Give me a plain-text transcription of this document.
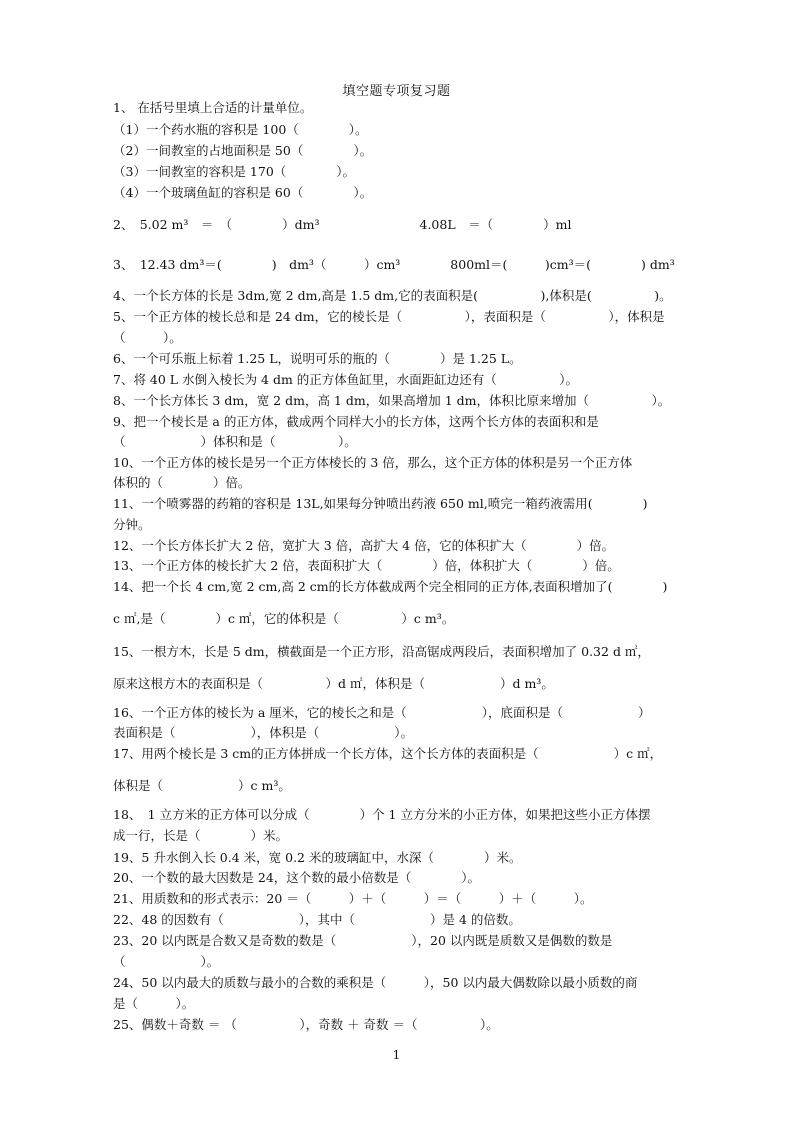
填空题专项复习题
1、 在括号里填上合适的计量单位。
（1）一个药水瓶的容积是 100（　　　　）。
（2）一间教室的占地面积是 50（　　　　）。
（3）一间教室的容积是 170（　　　　）。
（4）一个玻璃鱼缸的容积是 60（　　　　）。
2、　5.02 m³　＝　（　　　　）dm³　　　　　　　　4.08L　＝（　　　　）ml
3、　12.43 dm³＝(　　　　)　dm³（　　　）cm³　　　　800ml＝(　　　)cm³＝(　　　　) dm³
4、一个长方体的长是 3dm,宽 2 dm,高是 1.5 dm,它的表面积是(　　　　　),体积是(　　　　　)。
5、一个正方体的棱长总和是 24 dm，它的棱长是（　　　　　），表面积是（　　　　　），体积是
（　　　）。
6、一个可乐瓶上标着 1.25 L，说明可乐的瓶的（　　　　）是 1.25 L。
7、将 40 L 水倒入棱长为 4 dm 的正方体鱼缸里，水面距缸边还有（　　　　　）。
8、一个长方体长 3 dm，宽 2 dm，高 1 dm，如果高增加 1 dm，体积比原来增加（　　　　　）。
9、把一个棱长是 a 的正方体，截成两个同样大小的长方体，这两个长方体的表面积和是
（　　　　　　）体积和是（　　　　　）。
10、一个正方体的棱长是另一个正方体棱长的 3 倍，那么，这个正方体的体积是另一个正方体
体积的（　　　　）倍。
11、一个喷雾器的药箱的容积是 13L,如果每分钟喷出药液 650 ml,喷完一箱药液需用(　　　　)
分钟。
12、一个长方体长扩大 2 倍，宽扩大 3 倍，高扩大 4 倍，它的体积扩大（　　　　）倍。
13、一个正方体的棱长扩大 2 倍，表面积扩大（　　　　）倍，体积扩大（　　　　）倍。
14、把一个长 4 cm,宽 2 cm,高 2 cm的长方体截成两个完全相同的正方体,表面积增加了(　　　　)
c ㎡,是（　　　　）c ㎡，它的体积是（　　　　　）c m³。
15、一根方木，长是 5 dm，横截面是一个正方形，沿高锯成两段后，表面积增加了 0.32 d ㎡，
原来这根方木的表面积是（　　　　　）d ㎡，体积是（　　　　　　）d m³。
16、一个正方体的棱长为 a 厘米，它的棱长之和是（　　　　　　），底面积是（　　　　　　）
表面积是（　　　　　　），体积是（　　　　　　）。
17、用两个棱长是 3 cm的正方体拼成一个长方体，这个长方体的表面积是（　　　　　　）c ㎡，
体积是（　　　　　　）c m³。
18、　1 立方米的正方体可以分成（　　　　）个 1 立方分米的小正方体，如果把这些小正方体摆
成一行，长是（　　　　）米。
19、5 升水倒入长 0.4 米，宽 0.2 米的玻璃缸中，水深（　　　　）米。
20、一个数的最大因数是 24，这个数的最小倍数是（　　　　）。
21、用质数和的形式表示：20 ＝（　　　）＋（　　　）＝（　　　）＋（　　　）。
22、48 的因数有（　　　　　　），其中（　　　　　　）是 4 的倍数。
23、20 以内既是合数又是奇数的数是（　　　　　　），20 以内既是质数又是偶数的数是
（　　　　　　）。
24、50 以内最大的质数与最小的合数的乘积是（　　　），50 以内最大偶数除以最小质数的商
是（　　　）。
25、偶数＋奇数 ＝ （　　　　　），奇数 ＋ 奇数 ＝（　　　　　）。
1
